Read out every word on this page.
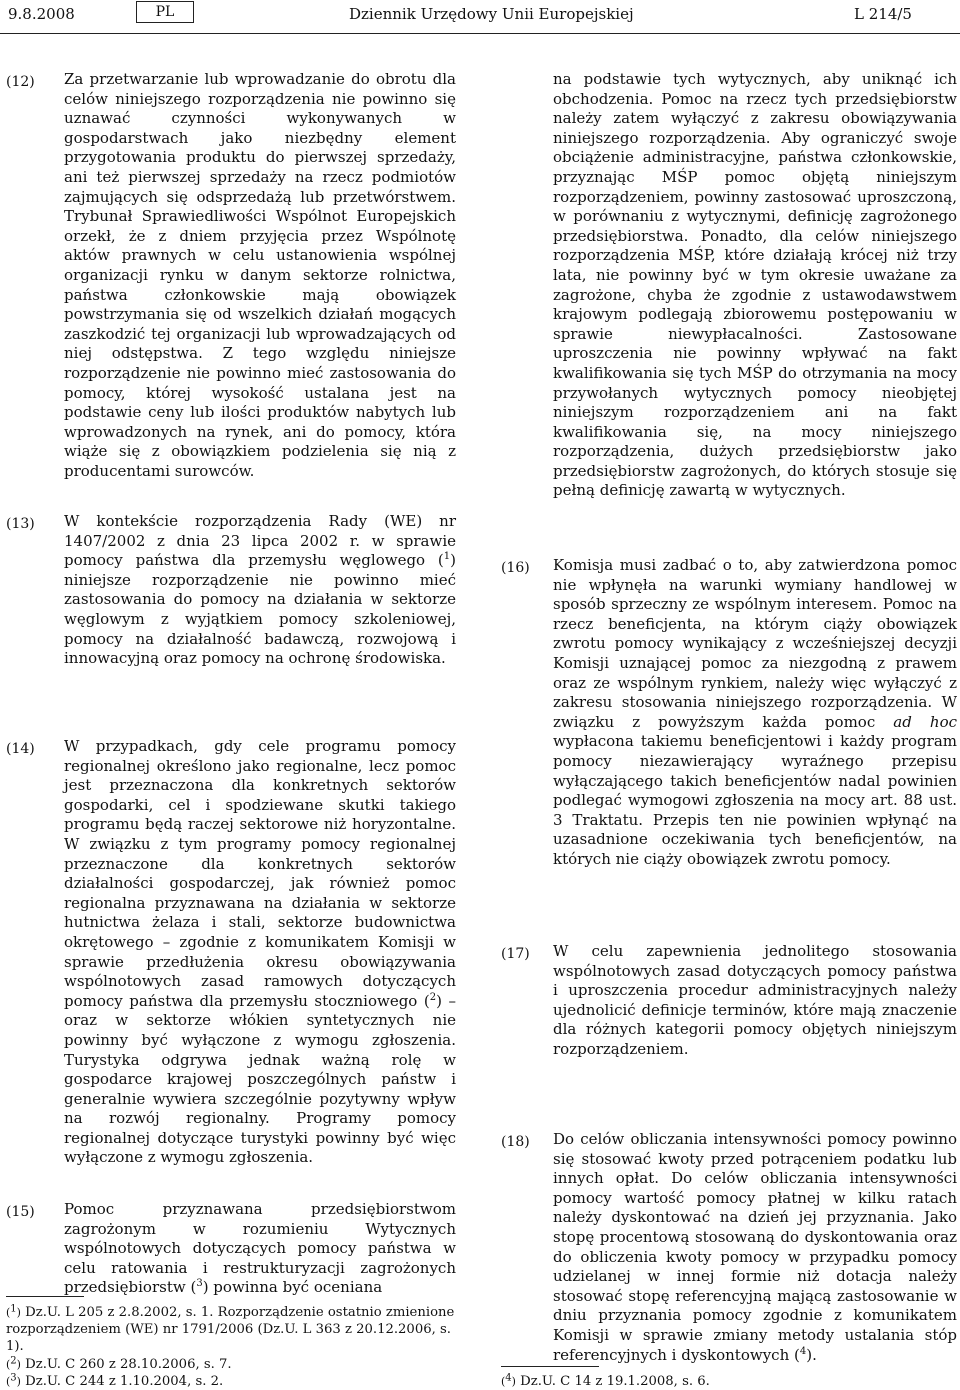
9.8.2008	PL	Dziennik Urzędowy Unii Europejskiej	L 214/5
(12) Za przetwarzanie lub wprowadzanie do obrotu dla celów niniejszego rozporządzenia nie powinno się uznawać czynności wykonywanych w gospodarstwach jako niezbędny element przygotowania produktu do pierwszej sprzedaży, ani też pierwszej sprzedaży na rzecz podmiotów zajmujących się odsprzedażą lub przetwórstwem. Trybunał Sprawiedliwości Wspólnot Europejskich orzekł, że z dniem przyjęcia przez Wspólnotę aktów prawnych w celu ustanowienia wspólnej organizacji rynku w danym sektorze rolnictwa, państwa członkowskie mają obowiązek powstrzymania się od wszelkich działań mogących zaszkodzić tej organizacji lub wprowadzających od niej odstępstwa. Z tego względu niniejsze rozporządzenie nie powinno mieć zastosowania do pomocy, której wysokość ustalana jest na podstawie ceny lub ilości produktów nabytych lub wprowadzonych na rynek, ani do pomocy, która wiąże się z obowiązkiem podzielenia się nią z producentami surowców.

(13) W kontekście rozporządzenia Rady (WE) nr 1407/2002 z dnia 23 lipca 2002 r. w sprawie pomocy państwa dla przemysłu węglowego ($^1$) niniejsze rozporządzenie nie powinno mieć zastosowania do pomocy na działania w sektorze węglowym z wyjątkiem pomocy szkoleniowej, pomocy na działalność badawczą, rozwojową i innowacyjną oraz pomocy na ochronę środowiska.

(14) W przypadkach, gdy cele programu pomocy regionalnej określono jako regionalne, lecz pomoc jest przeznaczona dla konkretnych sektorów gospodarki, cel i spodziewane skutki takiego programu będą raczej sektorowe niż horyzontalne. W związku z tym programy pomocy regionalnej przeznaczone dla konkretnych sektorów działalności gospodarczej, jak również pomoc regionalna przyznawana na działania w sektorze hutnictwa żelaza i stali, sektorze budownictwa okrętowego – zgodnie z komunikatem Komisji w sprawie przedłużenia okresu obowiązywania wspólnotowych zasad ramowych dotyczących pomocy państwa dla przemysłu stoczniowego ($^2$) – oraz w sektorze włókien syntetycznych nie powinny być wyłączone z wymogu zgłoszenia. Turystyka odgrywa jednak ważną rolę w gospodarce krajowej poszczególnych państw i generalnie wywiera szczególnie pozytywny wpływ na rozwój regionalny. Programy pomocy regionalnej dotyczące turystyki powinny być więc wyłączone z wymogu zgłoszenia.

(15) Pomoc przyznawana przedsiębiorstwom zagrożonym w rozumieniu Wytycznych wspólnotowych dotyczących pomocy państwa w celu ratowania i restrukturyzacji zagrożonych przedsiębiorstw ($^3$) powinna być oceniana

($^1$) Dz.U. L 205 z 2.8.2002, s. 1. Rozporządzenie ostatnio zmienione rozporządzeniem (WE) nr 1791/2006 (Dz.U. L 363 z 20.12.2006, s. 1).

($^2$) Dz.U. C 260 z 28.10.2006, s. 7.

($^3$) Dz.U. C 244 z 1.10.2004, s. 2.

na podstawie tych wytycznych, aby uniknąć ich obchodzenia. Pomoc na rzecz tych przedsiębiorstw należy zatem wyłączyć z zakresu obowiązywania niniejszego rozporządzenia. Aby ograniczyć swoje obciążenie administracyjne, państwa członkowskie, przyznając MŚP pomoc objętą niniejszym rozporządzeniem, powinny zastosować uproszczoną, w porównaniu z wytycznymi, definicję zagrożonego przedsiębiorstwa. Ponadto, dla celów niniejszego rozporządzenia MŚP, które działają krócej niż trzy lata, nie powinny być w tym okresie uważane za zagrożone, chyba że zgodnie z ustawodawstwem krajowym podlegają zbiorowemu postępowaniu w sprawie niewypłacalności. Zastosowane uproszczenia nie powinny wpływać na fakt kwalifikowania się tych MŚP do otrzymania na mocy przywołanych wytycznych pomocy nieobjętej niniejszym rozporządzeniem ani na fakt kwalifikowania się, na mocy niniejszego rozporządzenia, dużych przedsiębiorstw jako przedsiębiorstw zagrożonych, do których stosuje się pełną definicję zawartą w wytycznych.

(16) Komisja musi zadbać o to, aby zatwierdzona pomoc nie wpłynęła na warunki wymiany handlowej w sposób sprzeczny ze wspólnym interesem. Pomoc na rzecz beneficjenta, na którym ciąży obowiązek zwrotu pomocy wynikający z wcześniejszej decyzji Komisji uznającej pomoc za niezgodną z prawem oraz ze wspólnym rynkiem, należy więc wyłączyć z zakresu stosowania niniejszego rozporządzenia. W związku z powyższym każda pomoc ad hoc wypłacona takiemu beneficjentowi i każdy program pomocy niezawierający wyraźnego przepisu wyłączającego takich beneficjentów nadal powinien podlegać wymogowi zgłoszenia na mocy art. 88 ust. 3 Traktatu. Przepis ten nie powinien wpłynąć na uzasadnione oczekiwania tych beneficjentów, na których nie ciąży obowiązek zwrotu pomocy.

(17) W celu zapewnienia jednolitego stosowania wspólnotowych zasad dotyczących pomocy państwa i uproszczenia procedur administracyjnych należy ujednolicić definicje terminów, które mają znaczenie dla różnych kategorii pomocy objętych niniejszym rozporządzeniem.

(18) Do celów obliczania intensywności pomocy powinno się stosować kwoty przed potrąceniem podatku lub innych opłat. Do celów obliczania intensywności pomocy wartość pomocy płatnej w kilku ratach należy dyskontować na dzień jej przyznania. Jako stopę procentową stosowaną do dyskontowania oraz do obliczenia kwoty pomocy w przypadku pomocy udzielanej w innej formie niż dotacja należy stosować stopę referencyjną mającą zastosowanie w dniu przyznania pomocy zgodnie z komunikatem Komisji w sprawie zmiany metody ustalania stóp referencyjnych i dyskontowych ($^4$).

($^4$) Dz.U. C 14 z 19.1.2008, s. 6.
